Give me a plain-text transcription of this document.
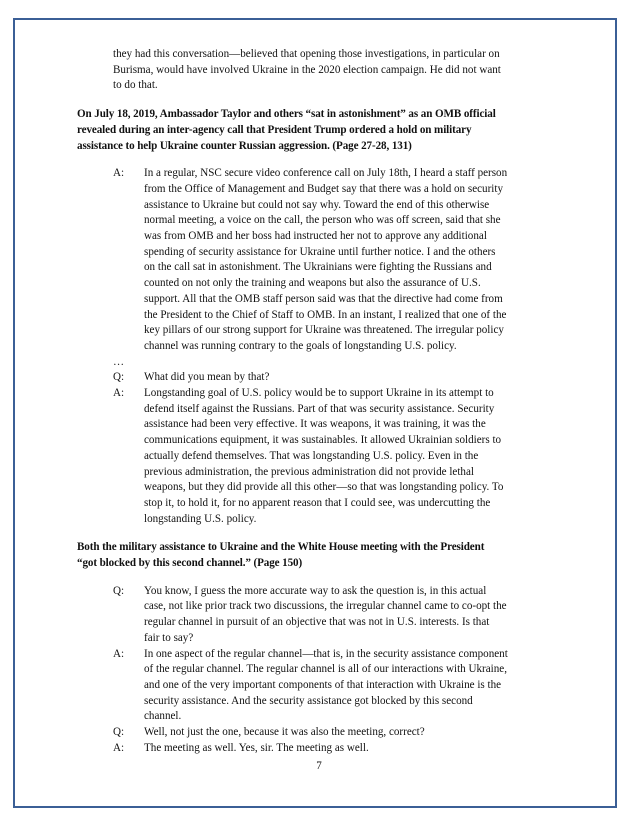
they had this conversation—believed that opening those investigations, in particular on
Burisma, would have involved Ukraine in the 2020 election campaign. He did not want
to do that.
On July 18, 2019, Ambassador Taylor and others “sat in astonishment” as an OMB official
revealed during an inter-agency call that President Trump ordered a hold on military
assistance to help Ukraine counter Russian aggression. (Page 27-28, 131)
A: In a regular, NSC secure video conference call on July 18th, I heard a staff person
from the Office of Management and Budget say that there was a hold on security
assistance to Ukraine but could not say why. Toward the end of this otherwise
normal meeting, a voice on the call, the person who was off screen, said that she
was from OMB and her boss had instructed her not to approve any additional
spending of security assistance for Ukraine until further notice. I and the others
on the call sat in astonishment. The Ukrainians were fighting the Russians and
counted on not only the training and weapons but also the assurance of U.S.
support. All that the OMB staff person said was that the directive had come from
the President to the Chief of Staff to OMB. In an instant, I realized that one of the
key pillars of our strong support for Ukraine was threatened. The irregular policy
channel was running contrary to the goals of longstanding U.S. policy.
…
Q: What did you mean by that?
A: Longstanding goal of U.S. policy would be to support Ukraine in its attempt to
defend itself against the Russians. Part of that was security assistance. Security
assistance had been very effective. It was weapons, it was training, it was the
communications equipment, it was sustainables. It allowed Ukrainian soldiers to
actually defend themselves. That was longstanding U.S. policy. Even in the
previous administration, the previous administration did not provide lethal
weapons, but they did provide all this other—so that was longstanding policy. To
stop it, to hold it, for no apparent reason that I could see, was undercutting the
longstanding U.S. policy.
Both the military assistance to Ukraine and the White House meeting with the President
“got blocked by this second channel.” (Page 150)
Q: You know, I guess the more accurate way to ask the question is, in this actual
case, not like prior track two discussions, the irregular channel came to co-opt the
regular channel in pursuit of an objective that was not in U.S. interests. Is that
fair to say?
A: In one aspect of the regular channel—that is, in the security assistance component
of the regular channel. The regular channel is all of our interactions with Ukraine,
and one of the very important components of that interaction with Ukraine is the
security assistance. And the security assistance got blocked by this second
channel.
Q: Well, not just the one, because it was also the meeting, correct?
A: The meeting as well. Yes, sir. The meeting as well.
7
